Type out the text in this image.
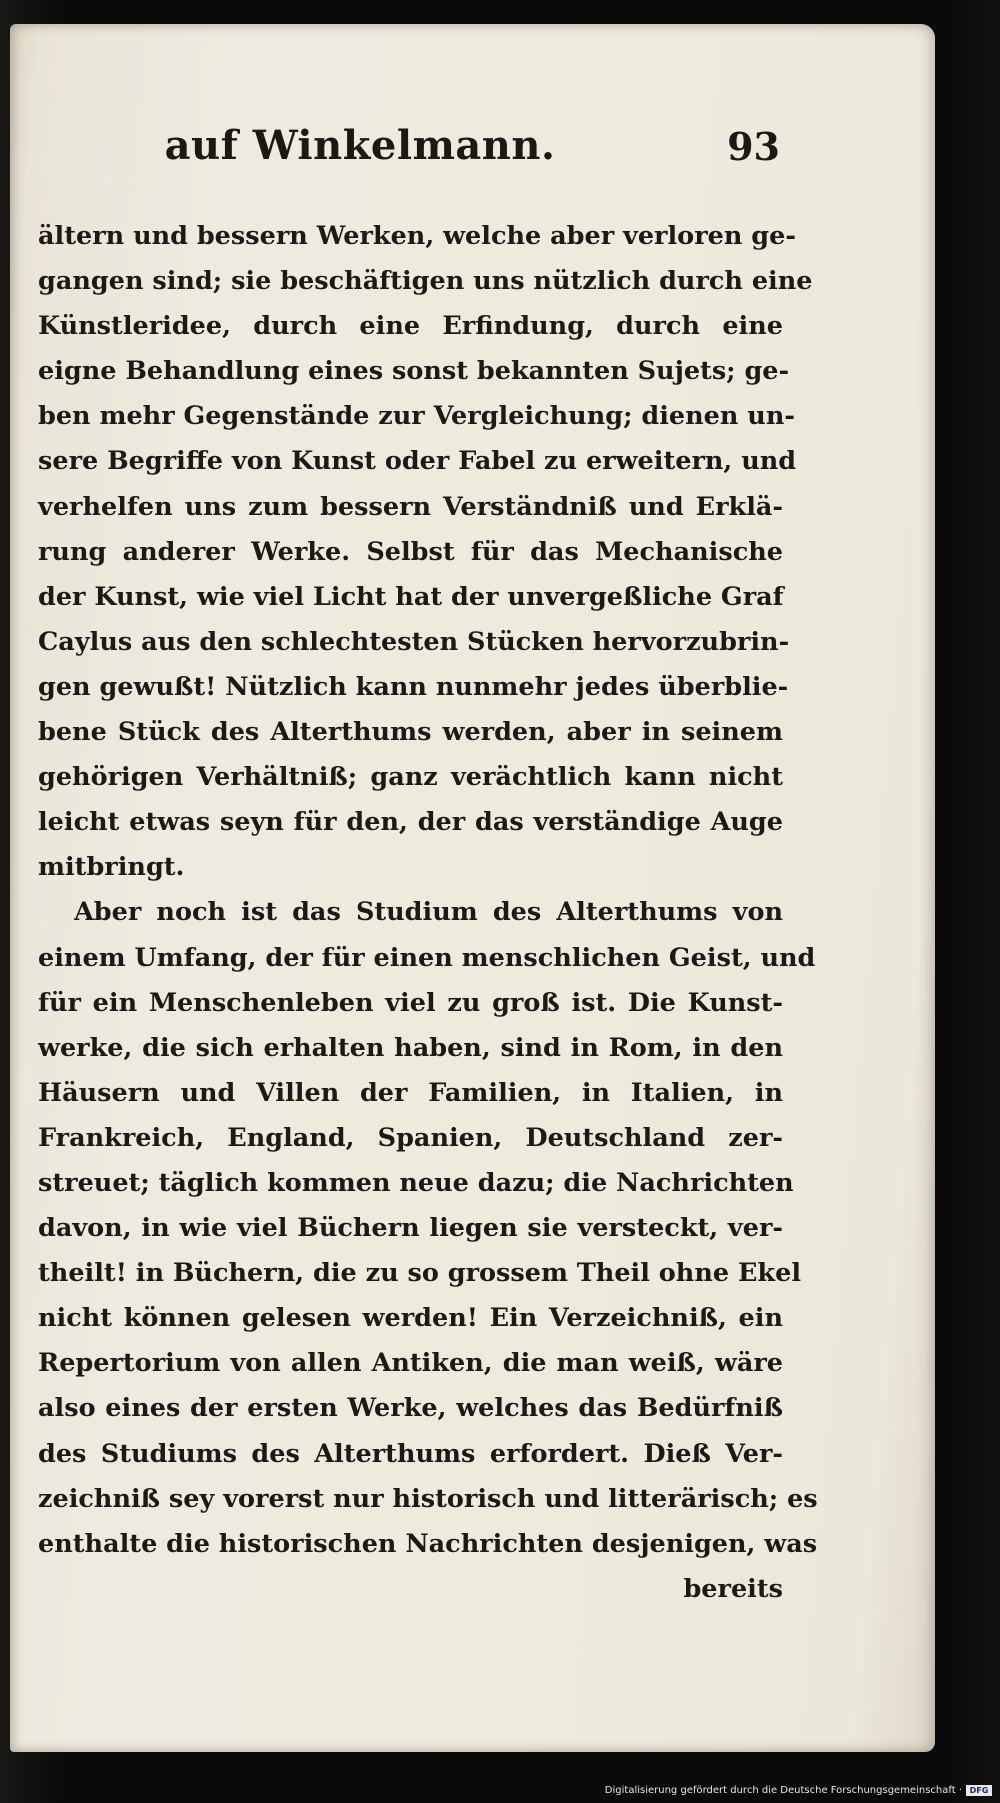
auf Winkelmann.	93
ältern und bessern Werken, welche aber verloren ge-
gangen sind; sie beschäftigen uns nützlich durch eine
Künstleridee, durch eine Erfindung, durch eine
eigne Behandlung eines sonst bekannten Sujets; ge-
ben mehr Gegenstände zur Vergleichung; dienen un-
sere Begriffe von Kunst oder Fabel zu erweitern, und
verhelfen uns zum bessern Verständniß und Erklä-
rung anderer Werke. Selbst für das Mechanische
der Kunst, wie viel Licht hat der unvergeßliche Graf
Caylus aus den schlechtesten Stücken hervorzubrin-
gen gewußt! Nützlich kann nunmehr jedes überblie-
bene Stück des Alterthums werden, aber in seinem
gehörigen Verhältniß; ganz verächtlich kann nicht
leicht etwas seyn für den, der das verständige Auge
mitbringt.
Aber noch ist das Studium des Alterthums von
einem Umfang, der für einen menschlichen Geist, und
für ein Menschenleben viel zu groß ist. Die Kunst-
werke, die sich erhalten haben, sind in Rom, in den
Häusern und Villen der Familien, in Italien, in
Frankreich, England, Spanien, Deutschland zer-
streuet; täglich kommen neue dazu; die Nachrichten
davon, in wie viel Büchern liegen sie versteckt, ver-
theilt! in Büchern, die zu so grossem Theil ohne Ekel
nicht können gelesen werden! Ein Verzeichniß, ein
Repertorium von allen Antiken, die man weiß, wäre
also eines der ersten Werke, welches das Bedürfniß
des Studiums des Alterthums erfordert. Dieß Ver-
zeichniß sey vorerst nur historisch und litterärisch; es
enthalte die historischen Nachrichten desjenigen, was
bereits
Digitalisierung gefördert durch die Deutsche Forschungsgemeinschaft · DFG
